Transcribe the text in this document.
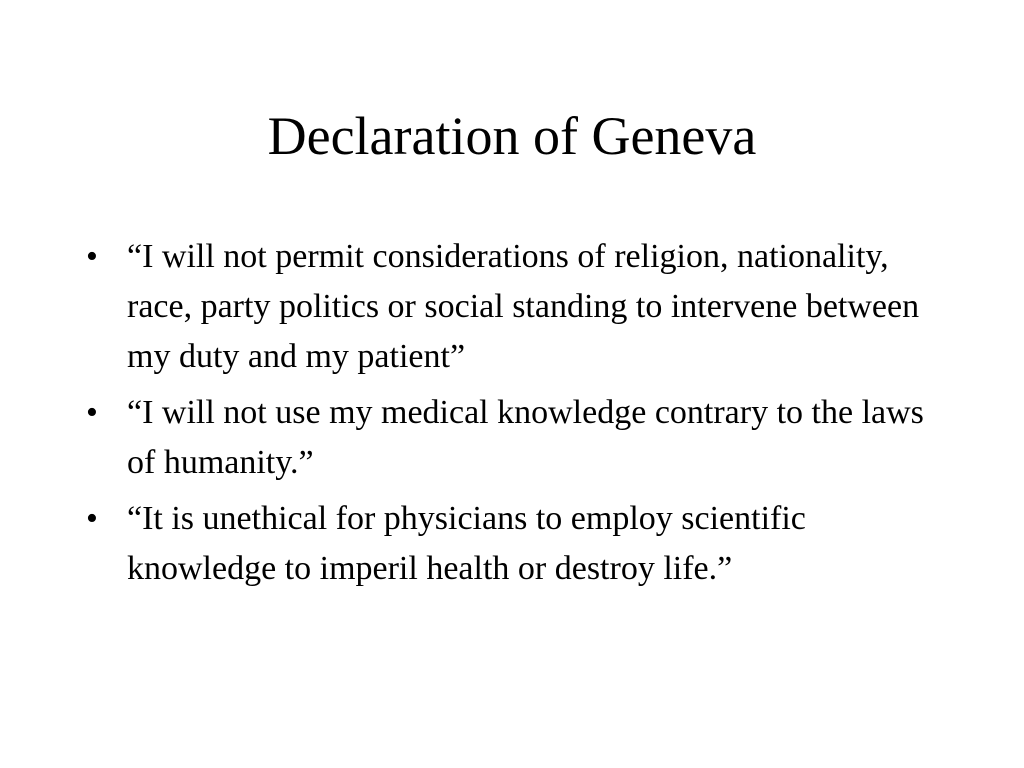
Declaration of Geneva
• “I will not permit considerations of religion, nationality, race, party politics or social standing to intervene between my duty and my patient”
• “I will not use my medical knowledge contrary to the laws of humanity.”
• “It is unethical for physicians to employ scientific knowledge to imperil health or destroy life.”
